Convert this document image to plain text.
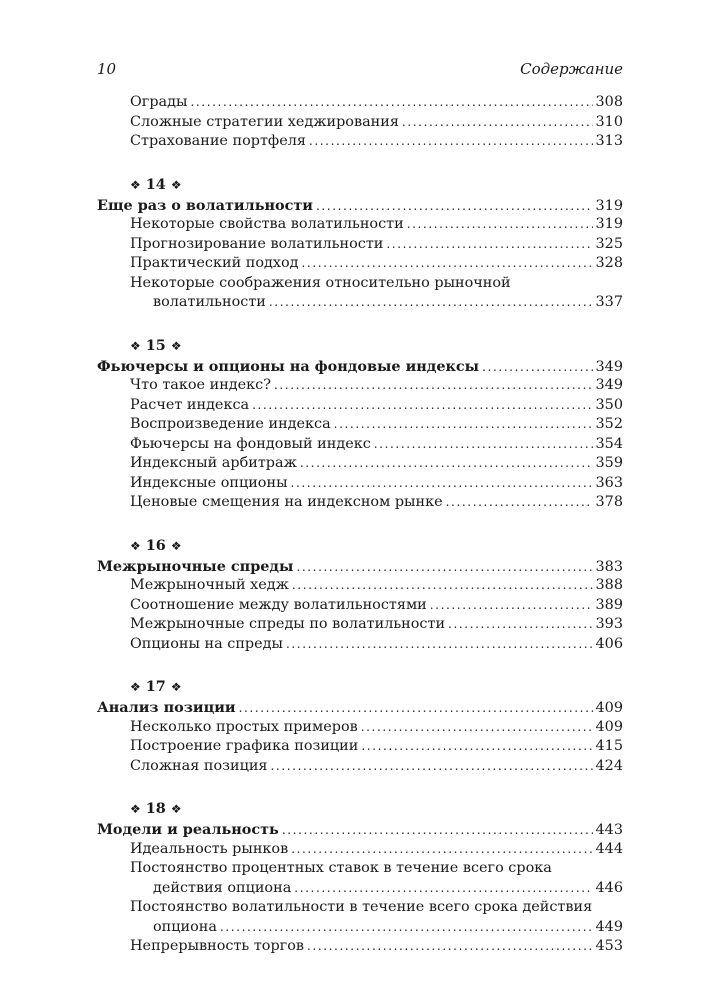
10	Содержание
Ограды .....	308
Сложные стратегии хеджирования .....	310
Страхование портфеля .....	313
❖ 14 ❖
Еще раз о волатильности .....	319
Некоторые свойства волатильности .....	319
Прогнозирование волатильности .....	325
Практический подход .....	328
Некоторые соображения относительно рыночной
волатильности .....	337
❖ 15 ❖
Фьючерсы и опционы на фондовые индексы .....	349
Что такое индекс? .....	349
Расчет индекса .....	350
Воспроизведение индекса .....	352
Фьючерсы на фондовый индекс .....	354
Индексный арбитраж .....	359
Индексные опционы .....	363
Ценовые смещения на индексном рынке .....	378
❖ 16 ❖
Межрыночные спреды .....	383
Межрыночный хедж .....	388
Соотношение между волатильностями .....	389
Межрыночные спреды по волатильности .....	393
Опционы на спреды .....	406
❖ 17 ❖
Анализ позиции .....	409
Несколько простых примеров .....	409
Построение графика позиции .....	415
Сложная позиция .....	424
❖ 18 ❖
Модели и реальность .....	443
Идеальность рынков .....	444
Постоянство процентных ставок в течение всего срока
действия опциона .....	446
Постоянство волатильности в течение всего срока действия
опциона .....	449
Непрерывность торгов .....	453
